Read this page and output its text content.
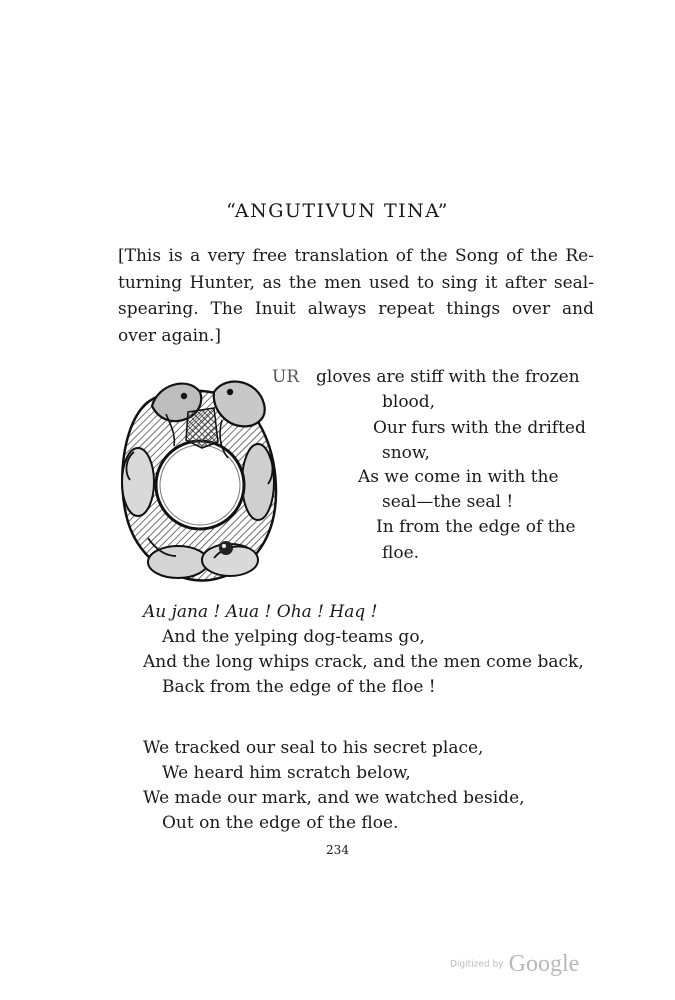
“ANGUTIVUN TINA”
[This is a very free translation of the Song of the Re-
turning Hunter, as the men used to sing it after seal-
spearing. The Inuit always repeat things over and
over again.]
UR gloves are stiff with the frozen
blood,
Our furs with the drifted
snow,
As we come in with the
seal—the seal !
In from the edge of the
floe.
Au jana ! Aua ! Oha ! Haq !
And the yelping dog-teams go,
And the long whips crack, and the men come back,
Back from the edge of the floe !
We tracked our seal to his secret place,
We heard him scratch below,
We made our mark, and we watched beside,
Out on the edge of the floe.
234
Digitized by Google
